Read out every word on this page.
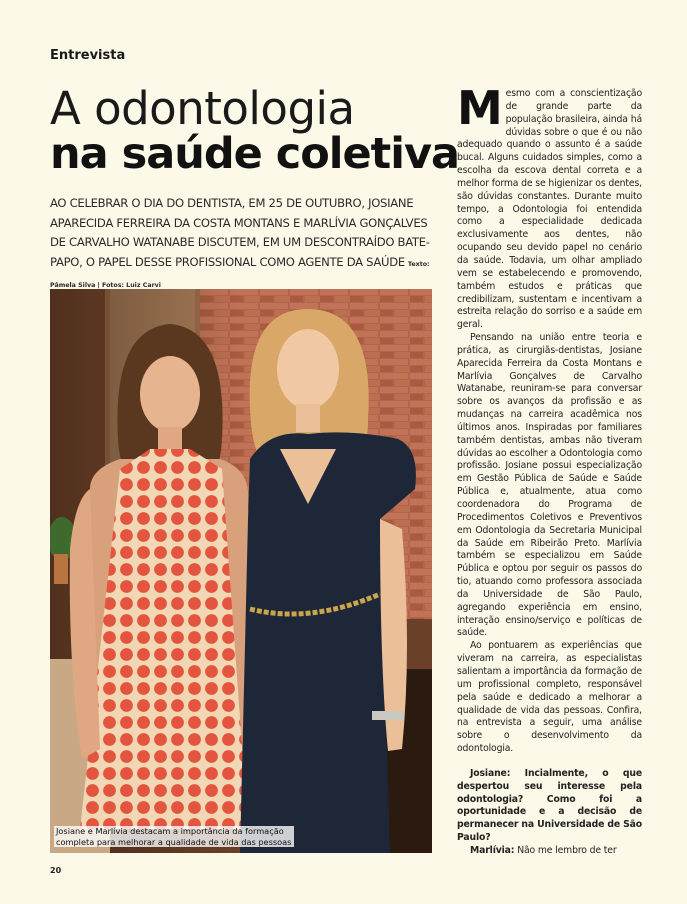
Entrevista
A odontologia
na saúde coletiva
AO CELEBRAR O DIA DO DENTISTA, EM 25 DE OUTUBRO, JOSIANE APARECIDA FERREIRA DA COSTA MONTANS E MARLÍVIA GONÇALVES DE CARVALHO WATANABE DISCUTEM, EM UM DESCONTRAÍDO BATE-PAPO, O PAPEL DESSE PROFISSIONAL COMO AGENTE DA SAÚDE Texto: Pâmela Silva | Fotos: Luiz Carvi
Josiane e Marlívia destacam a importância da formação completa para melhorar a qualidade de vida das pessoas

Mesmo com a conscientização de grande parte da população brasileira, ainda há dúvidas sobre o que é ou não adequado quando o assunto é a saúde bucal. Alguns cuidados simples, como a escolha da escova dental correta e a melhor forma de se higienizar os dentes, são dúvidas constantes. Durante muito tempo, a Odontologia foi entendida como a especialidade dedicada exclusivamente aos dentes, não ocupando seu devido papel no cenário da saúde. Todavia, um olhar ampliado vem se estabelecendo e promovendo, também estudos e práticas que credibilizam, sustentam e incentivam a estreita relação do sorriso e a saúde em geral.

Pensando na união entre teoria e prática, as cirurgiãs-dentistas, Josiane Aparecida Ferreira da Costa Montans e Marlívia Gonçalves de Carvalho Watanabe, reuniram-se para conversar sobre os avanços da profissão e as mudanças na carreira acadêmica nos últimos anos. Inspiradas por familiares também dentistas, ambas não tiveram dúvidas ao escolher a Odontologia como profissão. Josiane possui especialização em Gestão Pública de Saúde e Saúde Pública e, atualmente, atua como coordenadora do Programa de Procedimentos Coletivos e Preventivos em Odontologia da Secretaria Municipal da Saúde em Ribeirão Preto. Marlívia também se especializou em Saúde Pública e optou por seguir os passos do tio, atuando como professora associada da Universidade de São Paulo, agregando experiência em ensino, interação ensino/serviço e políticas de saúde.

Ao pontuarem as experiências que viveram na carreira, as especialistas salientam a importância da formação de um profissional completo, responsável pela saúde e dedicado a melhorar a qualidade de vida das pessoas. Confira, na entrevista a seguir, uma análise sobre o desenvolvimento da odontologia.

Josiane: Incialmente, o que despertou seu interesse pela odontologia? Como foi a oportunidade e a decisão de permanecer na Universidade de São Paulo?

Marlívia: Não me lembro de ter

20
